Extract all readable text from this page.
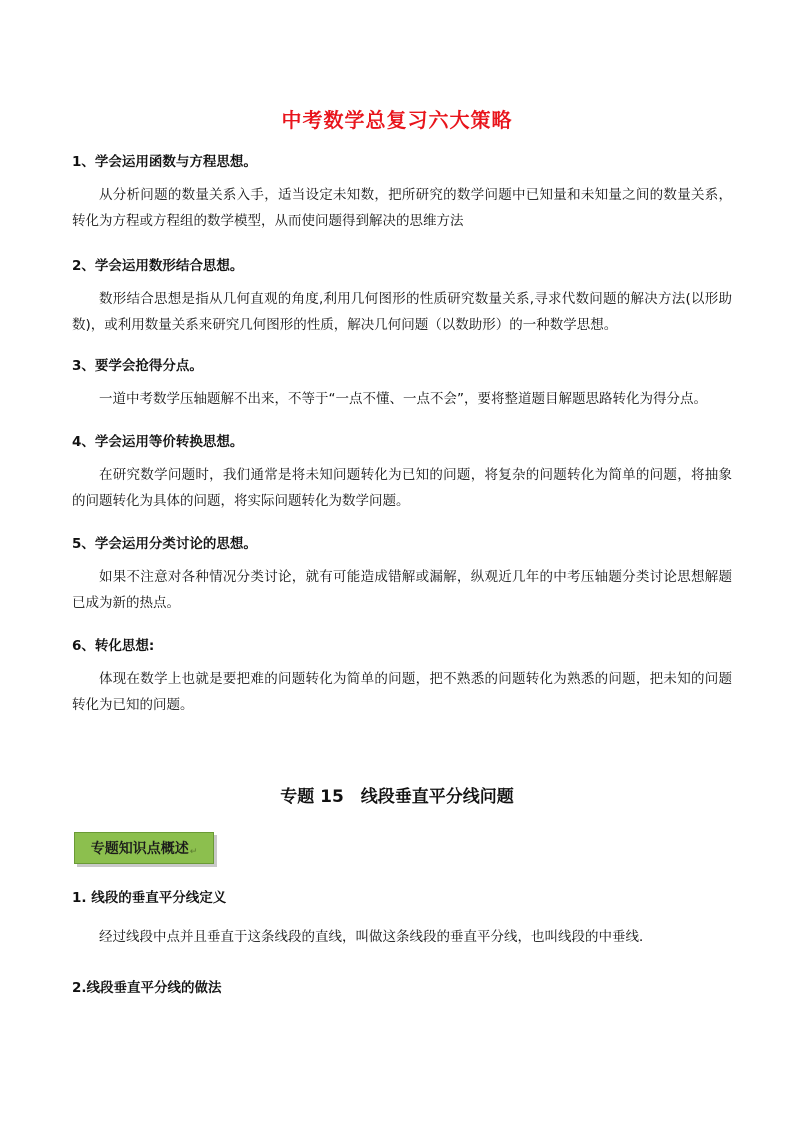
中考数学总复习六大策略

1、学会运用函数与方程思想。

从分析问题的数量关系入手，适当设定未知数，把所研究的数学问题中已知量和未知量之间的数量关系，转化为方程或方程组的数学模型，从而使问题得到解决的思维方法

2、学会运用数形结合思想。

数形结合思想是指从几何直观的角度,利用几何图形的性质研究数量关系,寻求代数问题的解决方法(以形助数)，或利用数量关系来研究几何图形的性质，解决几何问题（以数助形）的一种数学思想。

3、要学会抢得分点。

一道中考数学压轴题解不出来，不等于“一点不懂、一点不会”，要将整道题目解题思路转化为得分点。

4、学会运用等价转换思想。

在研究数学问题时，我们通常是将未知问题转化为已知的问题，将复杂的问题转化为简单的问题，将抽象的问题转化为具体的问题，将实际问题转化为数学问题。

5、学会运用分类讨论的思想。

如果不注意对各种情况分类讨论，就有可能造成错解或漏解，纵观近几年的中考压轴题分类讨论思想解题已成为新的热点。

6、转化思想:

体现在数学上也就是要把难的问题转化为简单的问题，把不熟悉的问题转化为熟悉的问题，把未知的问题转化为已知的问题。

专题 15　线段垂直平分线问题
专题知识点概述 ↵

1. 线段的垂直平分线定义

经过线段中点并且垂直于这条线段的直线，叫做这条线段的垂直平分线，也叫线段的中垂线．

2.线段垂直平分线的做法
